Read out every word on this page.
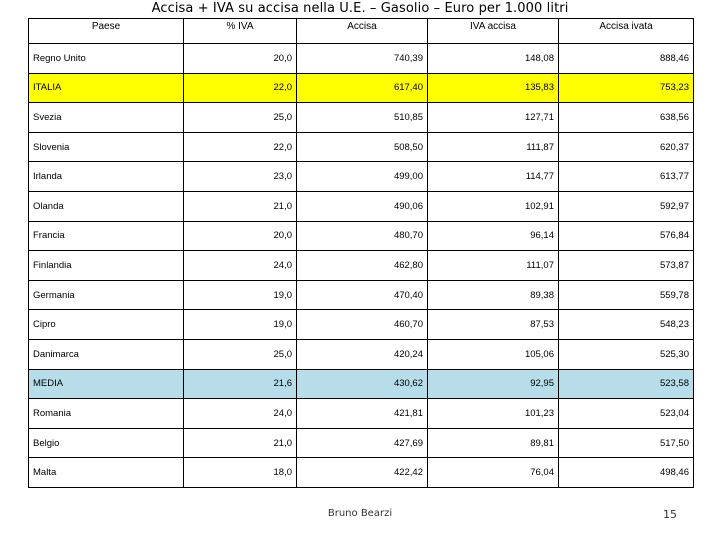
Accisa + IVA su accisa nella U.E. – Gasolio – Euro per 1.000 litri
Paese	% IVA	Accisa	IVA accisa	Accisa ivata
Regno Unito	20,0	740,39	148,08	888,46
ITALIA	22,0	617,40	135,83	753,23
Svezia	25,0	510,85	127,71	638,56
Slovenia	22,0	508,50	111,87	620,37
Irlanda	23,0	499,00	114,77	613,77
Olanda	21,0	490,06	102,91	592,97
Francia	20,0	480,70	96,14	576,84
Finlandia	24,0	462,80	111,07	573,87
Germania	19,0	470,40	89,38	559,78
Cipro	19,0	460,70	87,53	548,23
Danimarca	25,0	420,24	105,06	525,30
MEDIA	21,6	430,62	92,95	523,58
Romania	24,0	421,81	101,23	523,04
Belgio	21,0	427,69	89,81	517,50
Malta	18,0	422,42	76,04	498,46
Bruno Bearzi	15
